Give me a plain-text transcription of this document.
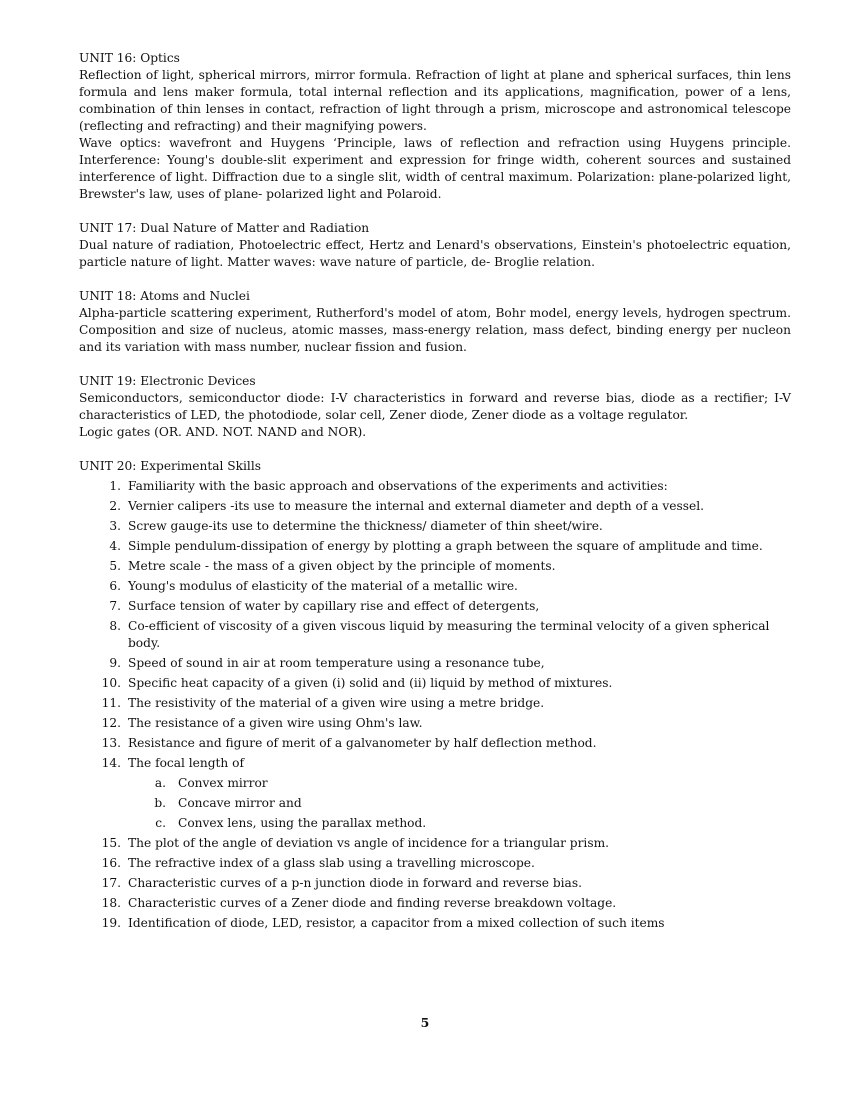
UNIT 16: Optics
Reflection of light, spherical mirrors, mirror formula. Refraction of light at plane and spherical surfaces, thin lens formula and lens maker formula, total internal reflection and its applications, magnification, power of a lens, combination of thin lenses in contact, refraction of light through a prism, microscope and astronomical telescope (reflecting and refracting) and their magnifying powers.
Wave optics: wavefront and Huygens ‘Principle, laws of reflection and refraction using Huygens principle. Interference: Young's double-slit experiment and expression for fringe width, coherent sources and sustained interference of light. Diffraction due to a single slit, width of central maximum. Polarization: plane-polarized light, Brewster's law, uses of plane- polarized light and Polaroid.
UNIT 17: Dual Nature of Matter and Radiation
Dual nature of radiation, Photoelectric effect, Hertz and Lenard's observations, Einstein's photoelectric equation, particle nature of light. Matter waves: wave nature of particle, de- Broglie relation.
UNIT 18: Atoms and Nuclei
Alpha-particle scattering experiment, Rutherford's model of atom, Bohr model, energy levels, hydrogen spectrum. Composition and size of nucleus, atomic masses, mass-energy relation, mass defect, binding energy per nucleon and its variation with mass number, nuclear fission and fusion.
UNIT 19: Electronic Devices
Semiconductors, semiconductor diode: I-V characteristics in forward and reverse bias, diode as a rectifier; I-V characteristics of LED, the photodiode, solar cell, Zener diode, Zener diode as a voltage regulator.
Logic gates (OR. AND. NOT. NAND and NOR).
UNIT 20: Experimental Skills
1. Familiarity with the basic approach and observations of the experiments and activities:
2. Vernier calipers -its use to measure the internal and external diameter and depth of a vessel.
3. Screw gauge-its use to determine the thickness/ diameter of thin sheet/wire.
4. Simple pendulum-dissipation of energy by plotting a graph between the square of amplitude and time.
5. Metre scale - the mass of a given object by the principle of moments.
6. Young's modulus of elasticity of the material of a metallic wire.
7. Surface tension of water by capillary rise and effect of detergents,
8. Co-efficient of viscosity of a given viscous liquid by measuring the terminal velocity of a given spherical body.
9. Speed of sound in air at room temperature using a resonance tube,
10. Specific heat capacity of a given (i) solid and (ii) liquid by method of mixtures.
11. The resistivity of the material of a given wire using a metre bridge.
12. The resistance of a given wire using Ohm's law.
13. Resistance and figure of merit of a galvanometer by half deflection method.
14. The focal length of
a. Convex mirror
b. Concave mirror and
c. Convex lens, using the parallax method.
15. The plot of the angle of deviation vs angle of incidence for a triangular prism.
16. The refractive index of a glass slab using a travelling microscope.
17. Characteristic curves of a p-n junction diode in forward and reverse bias.
18. Characteristic curves of a Zener diode and finding reverse breakdown voltage.
19. Identification of diode, LED, resistor, a capacitor from a mixed collection of such items
5
